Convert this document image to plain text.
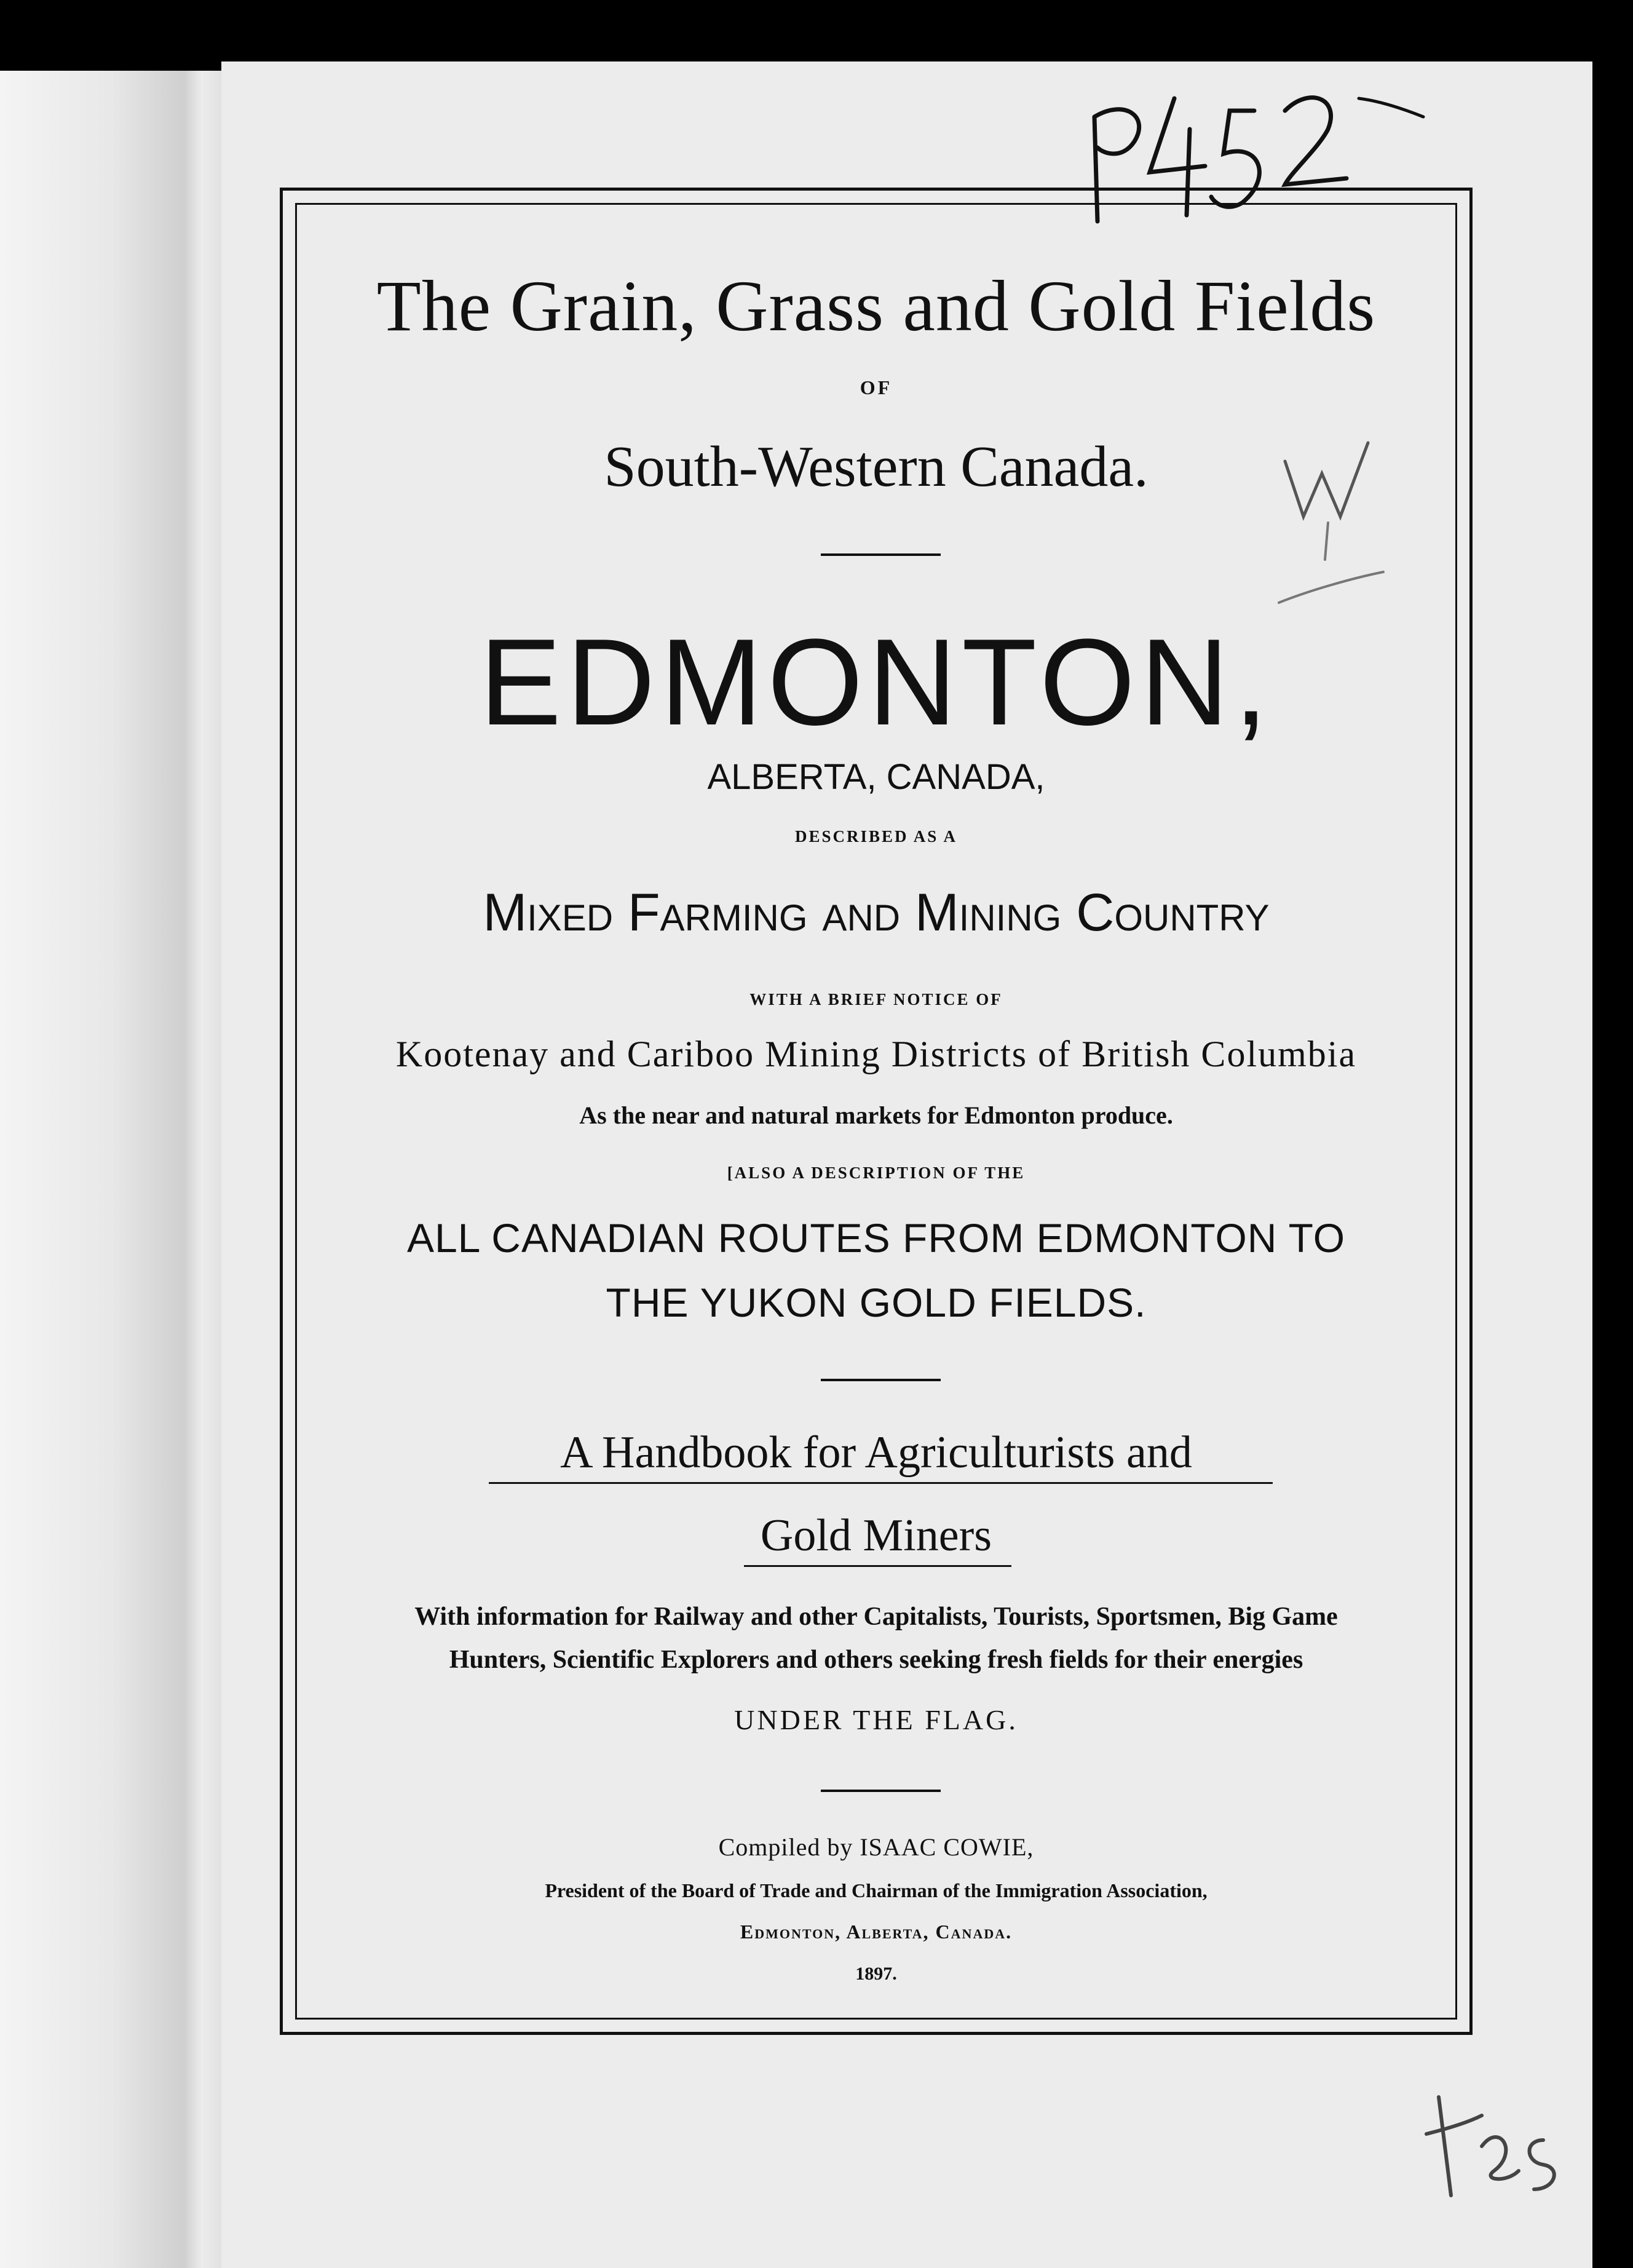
The Grain, Grass and Gold Fields
OF
South-Western Canada.
EDMONTON,
ALBERTA, CANADA,
DESCRIBED AS A
Mixed Farming and Mining Country
WITH A BRIEF NOTICE OF
Kootenay and Cariboo Mining Districts of British Columbia
As the near and natural markets for Edmonton produce.
[ALSO A DESCRIPTION OF THE
ALL CANADIAN ROUTES FROM EDMONTON TO
THE YUKON GOLD FIELDS.
A Handbook for Agriculturists and
Gold Miners
With information for Railway and other Capitalists, Tourists, Sportsmen, Big Game
Hunters, Scientific Explorers and others seeking fresh fields for their energies
UNDER THE FLAG.
Compiled by ISAAC COWIE,
President of the Board of Trade and Chairman of the Immigration Association,
Edmonton, Alberta, Canada.
1897.
